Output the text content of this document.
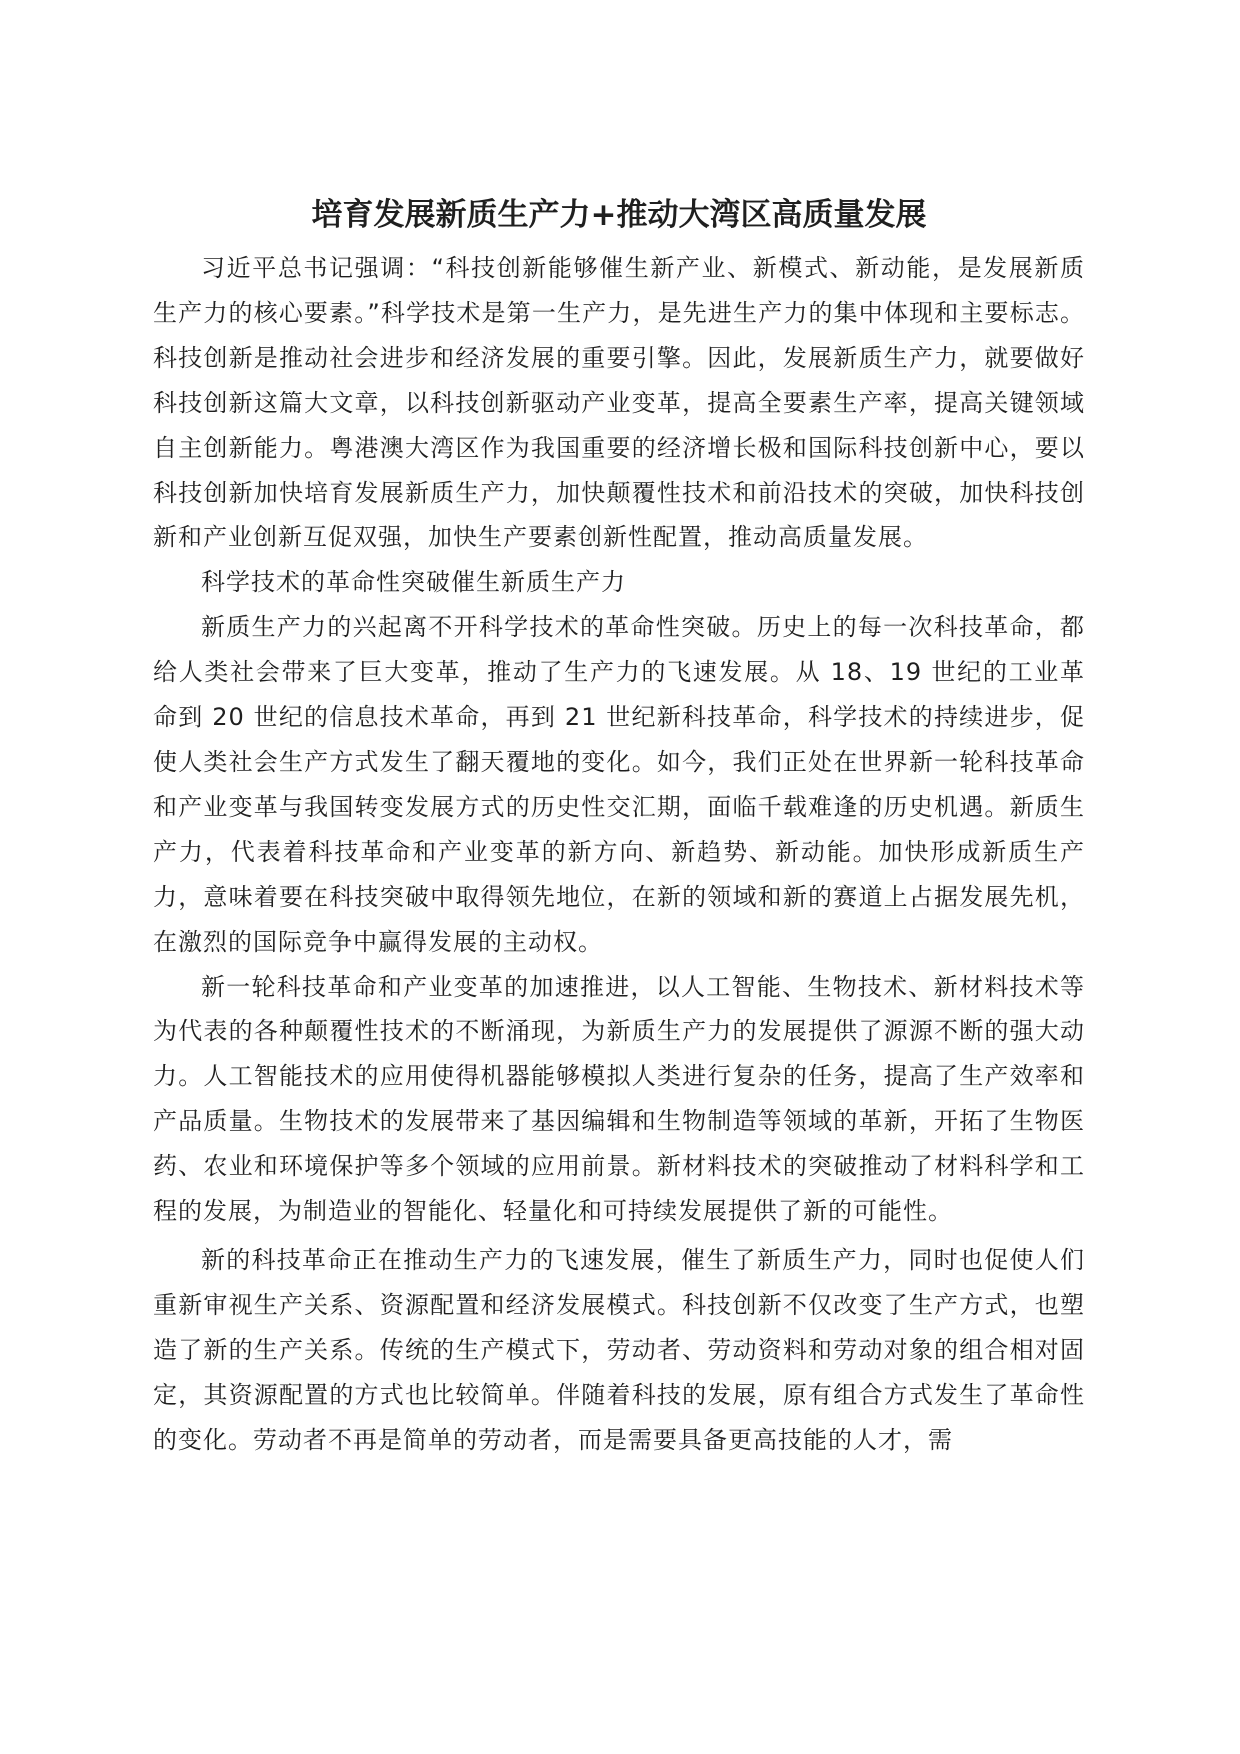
培育发展新质生产力+推动大湾区高质量发展

习近平总书记强调：“科技创新能够催生新产业、新模式、新动能，是发展新质生产力的核心要素。”科学技术是第一生产力，是先进生产力的集中体现和主要标志。科技创新是推动社会进步和经济发展的重要引擎。因此，发展新质生产力，就要做好科技创新这篇大文章，以科技创新驱动产业变革，提高全要素生产率，提高关键领域自主创新能力。粤港澳大湾区作为我国重要的经济增长极和国际科技创新中心，要以科技创新加快培育发展新质生产力，加快颠覆性技术和前沿技术的突破，加快科技创新和产业创新互促双强，加快生产要素创新性配置，推动高质量发展。

科学技术的革命性突破催生新质生产力

新质生产力的兴起离不开科学技术的革命性突破。历史上的每一次科技革命，都给人类社会带来了巨大变革，推动了生产力的飞速发展。从 18、19 世纪的工业革命到 20 世纪的信息技术革命，再到 21 世纪新科技革命，科学技术的持续进步，促使人类社会生产方式发生了翻天覆地的变化。如今，我们正处在世界新一轮科技革命和产业变革与我国转变发展方式的历史性交汇期，面临千载难逢的历史机遇。新质生产力，代表着科技革命和产业变革的新方向、新趋势、新动能。加快形成新质生产力，意味着要在科技突破中取得领先地位，在新的领域和新的赛道上占据发展先机，在激烈的国际竞争中赢得发展的主动权。

新一轮科技革命和产业变革的加速推进，以人工智能、生物技术、新材料技术等为代表的各种颠覆性技术的不断涌现，为新质生产力的发展提供了源源不断的强大动力。人工智能技术的应用使得机器能够模拟人类进行复杂的任务，提高了生产效率和产品质量。生物技术的发展带来了基因编辑和生物制造等领域的革新，开拓了生物医药、农业和环境保护等多个领域的应用前景。新材料技术的突破推动了材料科学和工程的发展，为制造业的智能化、轻量化和可持续发展提供了新的可能性。

新的科技革命正在推动生产力的飞速发展，催生了新质生产力，同时也促使人们重新审视生产关系、资源配置和经济发展模式。科技创新不仅改变了生产方式，也塑造了新的生产关系。传统的生产模式下，劳动者、劳动资料和劳动对象的组合相对固定，其资源配置的方式也比较简单。伴随着科技的发展，原有组合方式发生了革命性的变化。劳动者不再是简单的劳动者，而是需要具备更高技能的人才，需
